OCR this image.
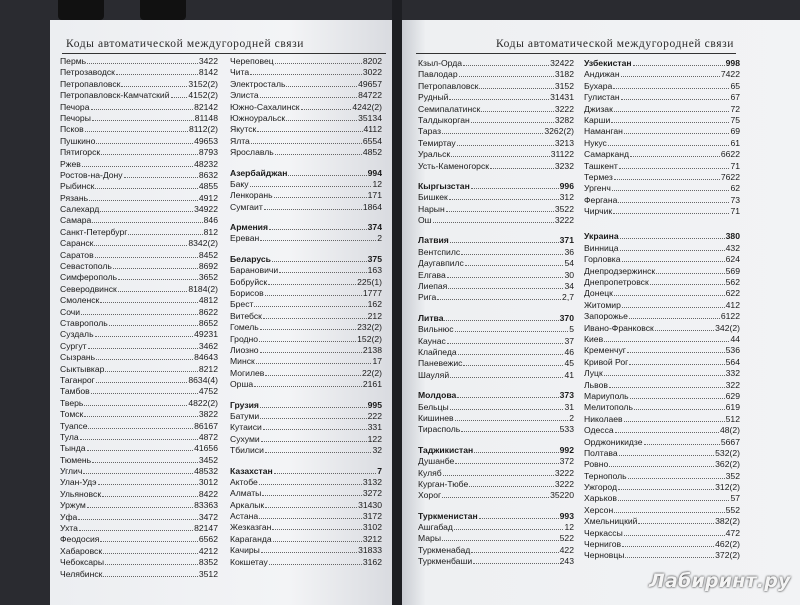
Коды автоматической междугородней связи
Пермь	3422
Петрозаводск	8142
Петропавловск	3152(2)
Петропавловск-Камчатский 4152(2)
Печора	82142
Печоры	81148
Псков	8112(2)
Пушкино	49653
Пятигорск	8793
Ржев	48232
Ростов-на-Дону	8632
Рыбинск	4855
Рязань	4912
Салехард	34922
Самара	846
Санкт-Петербург	812
Саранск	8342(2)
Саратов	8452
Севастополь	8692
Симферополь	3652
Северодвинск	8184(2)
Смоленск	4812
Сочи	8622
Ставрополь	8652
Суздаль	49231
Сургут	3462
Сызрань	84643
Сыктывкар	8212
Таганрог	8634(4)
Тамбов	4752
Тверь	4822(2)
Томск	3822
Туапсе	86167
Тула	4872
Тында	41656
Тюмень	3452
Углич	48532
Улан-Удэ	3012
Ульяновск	8422
Уржум	83363
Уфа	3472
Ухта	82147
Феодосия	6562
Хабаровск	4212
Чебоксары	8352
Челябинск	3512
Череповец	8202
Чита	3022
Электросталь	49657
Элиста	84722
Южно-Сахалинск	4242(2)
Южноуральск	35134
Якутск	4112
Ялта	6554
Ярославль	4852
Азербайджан	994
Баку	12
Ленкорань	171
Сумгаит	1864
Армения	374
Ереван	2
Беларусь	375
Барановичи	163
Бобруйск	225(1)
Борисов	1777
Брест	162
Витебск	212
Гомель	232(2)
Гродно	152(2)
Лиозно	2138
Минск	17
Могилев	22(2)
Орша	2161
Грузия	995
Батуми	222
Кутаиси	331
Сухуми	122
Тбилиси	32
Казахстан	7
Актобе	3132
Алматы	3272
Аркалык	31430
Астана	3172
Жезказган	3102
Караганда	3212
Качиры	31833
Кокшетау	3162
Коды автоматической междугородней связи
Кзыл-Орда	32422
Павлодар	3182
Петропавловск	3152
Рудный	31431
Семипалатинск	3222
Талдыкорган	3282
Тараз	3262(2)
Темиртау	3213
Уральск	31122
Усть-Каменогорск	3232
Кыргызстан	996
Бишкек	312
Нарын	3522
Ош	3222
Латвия	371
Вентспилс	36
Даугавпилс	54
Елгава	30
Лиепая	34
Рига	2,7
Литва	370
Вильнюс	5
Каунас	37
Клайпеда	46
Паневежис	45
Шауляй	41
Молдова	373
Бельцы	31
Кишинев	2
Тирасполь	533
Таджикистан	992
Душанбе	372
Куляб	3222
Курган-Тюбе	3222
Хорог	35220
Туркменистан	993
Ашгабад	12
Мары	522
Туркменабад	422
Туркменбаши	243
Узбекистан	998
Андижан	7422
Бухара	65
Гулистан	67
Джизак	72
Карши	75
Наманган	69
Нукус	61
Самарканд	6622
Ташкент	71
Термез	7622
Ургенч	62
Фергана	73
Чирчик	71
Украина	380
Винница	432
Горловка	624
Днепродзержинск	569
Днепропетровск	562
Донецк	622
Житомир	412
Запорожье	6122
Ивано-Франковск	342(2)
Киев	44
Кременчуг	536
Кривой Рог	564
Луцк	332
Львов	322
Мариуполь	629
Мелитополь	619
Николаев	512
Одесса	48(2)
Орджоникидзе	5667
Полтава	532(2)
Ровно	362(2)
Тернополь	352
Ужгород	312(2)
Харьков	57
Херсон	552
Хмельницкий	382(2)
Черкассы	472
Чернигов	462(2)
Черновцы	372(2)
Лабиринт.ру
